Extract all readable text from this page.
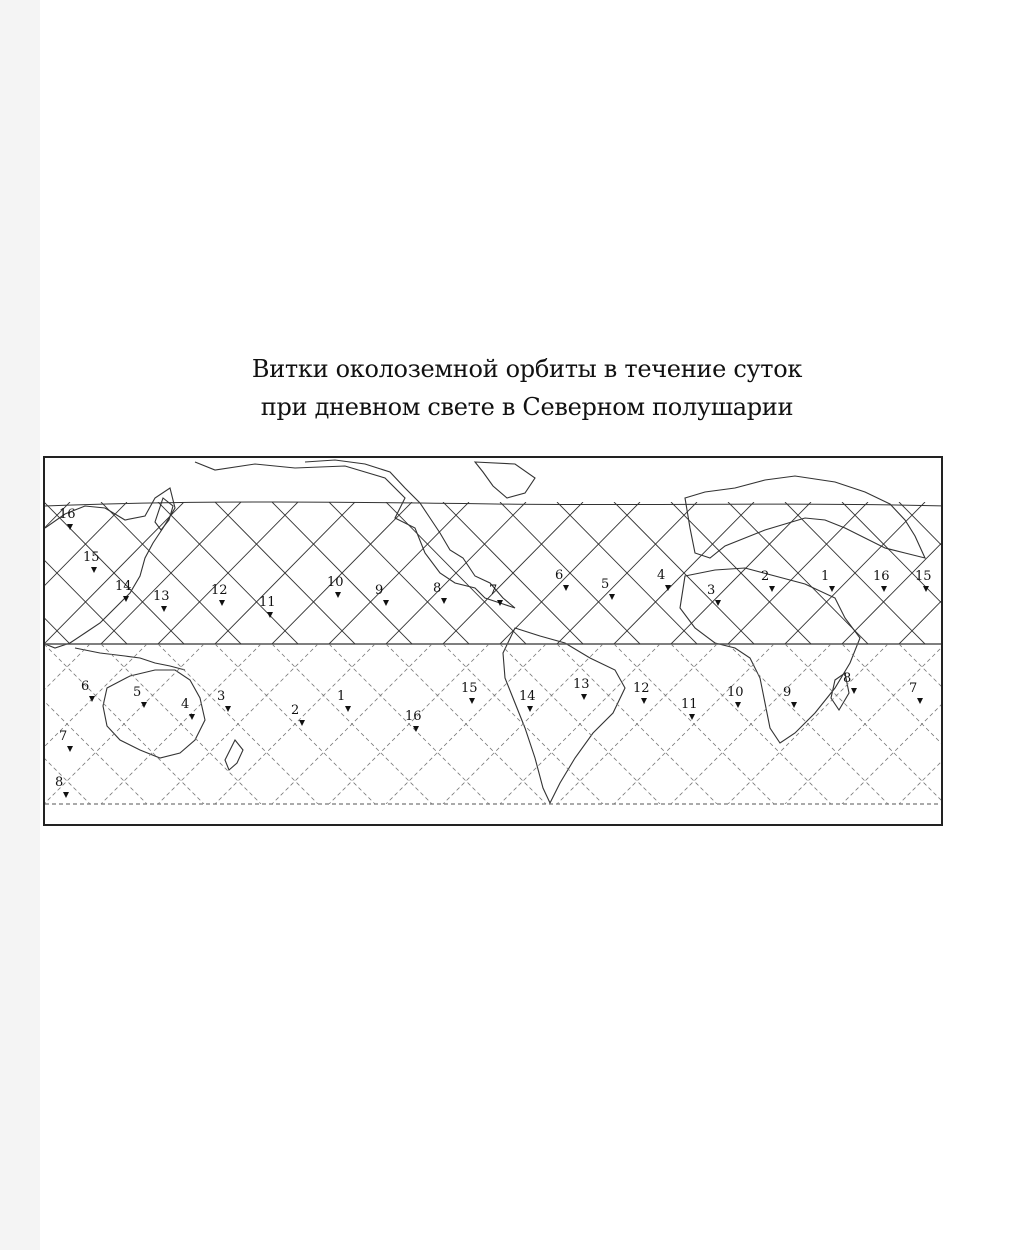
Витки околоземной орбиты в течение суток
при дневном свете в Северном полушарии
16
15
14
13	12
11
10
9	8	7
6
5
4
3
2	1	16 15
6	5
4
3
2
1
16
15
14
13	12
11
10	9
8
7
7
8
